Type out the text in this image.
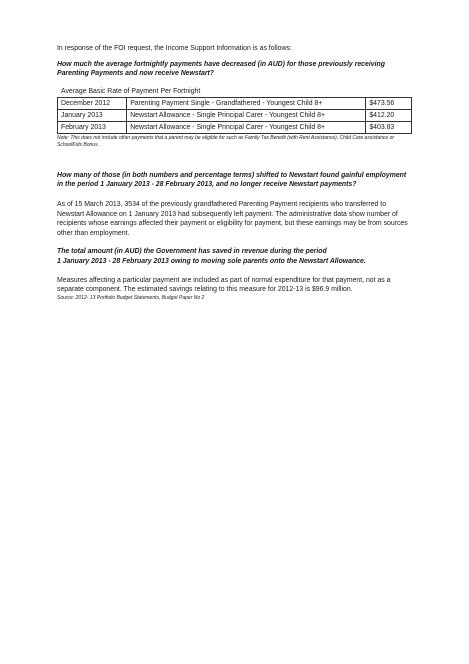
In response of the FOI request, the Income Support Information is as follows:

How much the average fortnightly payments have decreased (in AUD) for those previously receiving Parenting Payments and now receive Newstart?

Average Basic Rate of Payment Per Fortnight

December 2012	Parenting Payment Single - Grandfathered - Youngest Child 8+	$473.56
January 2013	Newstart Allowance - Single Principal Carer - Youngest Child 8+	$412.20
February 2013	Newstart Allowance - Single Principal Carer - Youngest Child 8+	$403.83

Note: This does not include other payments that a parent may be eligible for such as Family Tax Benefit (with Rent Assistance), Child Care assistance or SchoolKids Bonus.

How many of those (in both numbers and percentage terms) shifted to Newstart found gainful employment in the period 1 January 2013 - 28 February 2013, and no longer receive Newstart payments?

As of 15 March 2013, 3534 of the previously grandfathered Parenting Payment recipients who transferred to Newstart Allowance on 1 January 2013 had subsequently left payment. The administrative data show number of recipients whose earnings affected their payment or eligibility for payment, but these earnings may be from sources other than employment.

The total amount (in AUD) the Government has saved in revenue during the period

1 January 2013 - 28 February 2013 owing to moving sole parents onto the Newstart Allowance.

Measures affecting a particular payment are included as part of normal expenditure for that payment, not as a separate component. The estimated savings relating to this measure for 2012-13 is $96.9 million.

Source: 2012- 13 Portfolio Budget Statements, Budget Paper No 2
